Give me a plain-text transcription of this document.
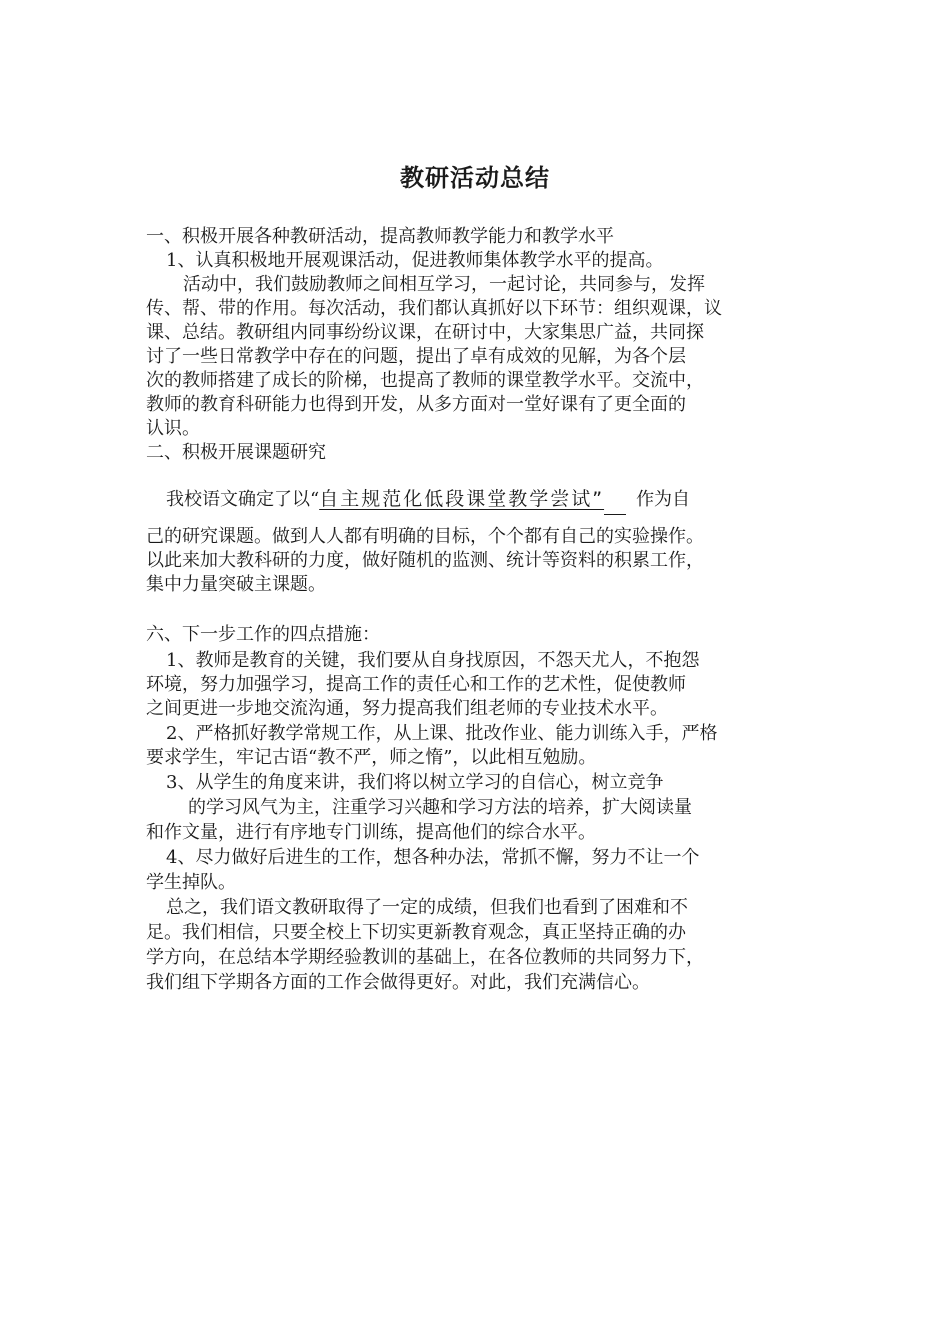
教研活动总结

一、积极开展各种教研活动，提高教师教学能力和教学水平

1、认真积极地开展观课活动，促进教师集体教学水平的提高。

活动中，我们鼓励教师之间相互学习，一起讨论，共同参与，发挥

传、帮、带的作用。每次活动，我们都认真抓好以下环节：组织观课，议

课、总结。教研组内同事纷纷议课，在研讨中，大家集思广益，共同探

讨了一些日常教学中存在的问题，提出了卓有成效的见解，为各个层

次的教师搭建了成长的阶梯，也提高了教师的课堂教学水平。交流中，

教师的教育科研能力也得到开发，从多方面对一堂好课有了更全面的

认识。

二、积极开展课题研究

我校语文确定了以“自主规范化低段课堂教学尝试” 作为自

己的研究课题。做到人人都有明确的目标，个个都有自己的实验操作。

以此来加大教科研的力度，做好随机的监测、统计等资料的积累工作，

集中力量突破主课题。

六、下一步工作的四点措施：

1、教师是教育的关键，我们要从自身找原因，不怨天尤人，不抱怨

环境，努力加强学习，提高工作的责任心和工作的艺术性，促使教师

之间更进一步地交流沟通，努力提高我们组老师的专业技术水平。

2、严格抓好教学常规工作，从上课、批改作业、能力训练入手，严格

要求学生，牢记古语“教不严，师之惰”，以此相互勉励。

3、从学生的角度来讲，我们将以树立学习的自信心，树立竞争

的学习风气为主，注重学习兴趣和学习方法的培养，扩大阅读量

和作文量，进行有序地专门训练，提高他们的综合水平。

4、尽力做好后进生的工作，想各种办法，常抓不懈，努力不让一个

学生掉队。

总之，我们语文教研取得了一定的成绩，但我们也看到了困难和不

足。我们相信，只要全校上下切实更新教育观念，真正坚持正确的办

学方向，在总结本学期经验教训的基础上，在各位教师的共同努力下，

我们组下学期各方面的工作会做得更好。对此，我们充满信心。
